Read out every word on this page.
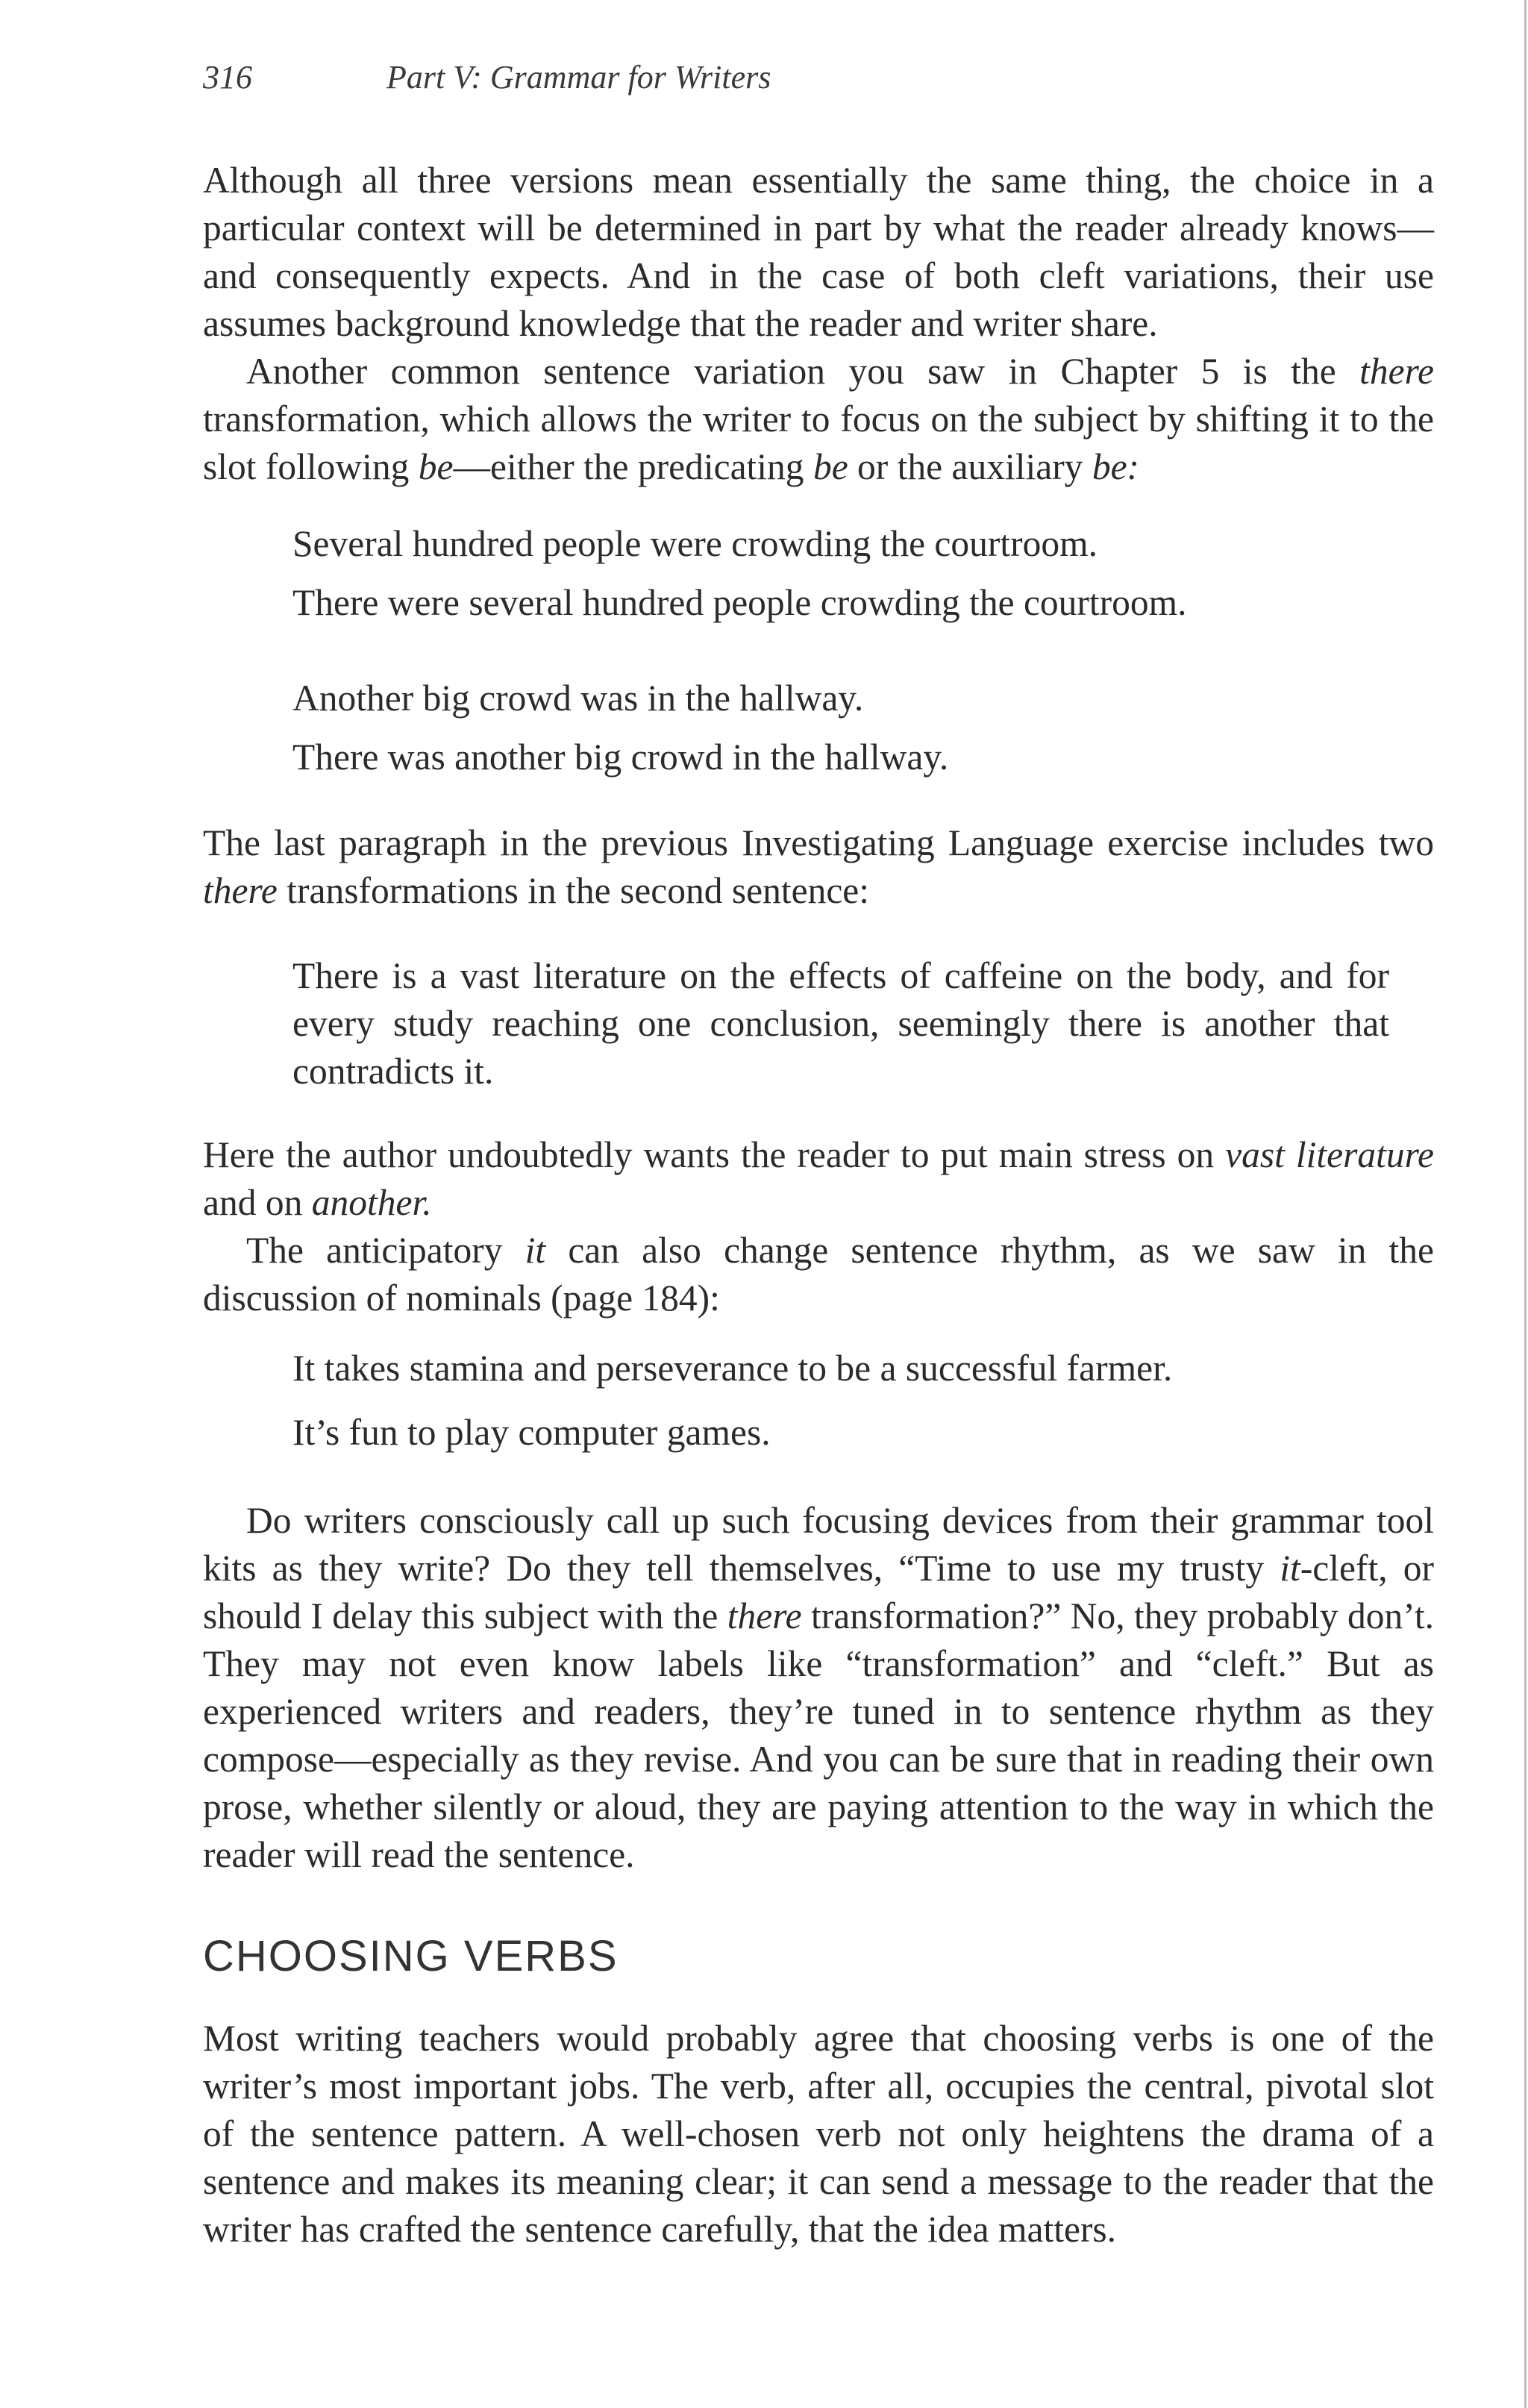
316	Part V: Grammar for Writers

Although all three versions mean essentially the same thing, the choice in a particular context will be determined in part by what the reader already knows—and consequently expects. And in the case of both cleft variations, their use assumes background knowledge that the reader and writer share.

Another common sentence variation you saw in Chapter 5 is the there transformation, which allows the writer to focus on the subject by shifting it to the slot following be—either the predicating be or the auxiliary be:

Several hundred people were crowding the courtroom.
There were several hundred people crowding the courtroom.
Another big crowd was in the hallway.
There was another big crowd in the hallway.

The last paragraph in the previous Investigating Language exercise includes two there transformations in the second sentence:

There is a vast literature on the effects of caffeine on the body, and for every study reaching one conclusion, seemingly there is another that contradicts it.

Here the author undoubtedly wants the reader to put main stress on vast literature and on another.

The anticipatory it can also change sentence rhythm, as we saw in the discussion of nominals (page 184):

It takes stamina and perseverance to be a successful farmer.
It’s fun to play computer games.

Do writers consciously call up such focusing devices from their grammar tool kits as they write? Do they tell themselves, “Time to use my trusty it-cleft, or should I delay this subject with the there transformation?” No, they probably don’t. They may not even know labels like “transformation” and “cleft.” But as experienced writers and readers, they’re tuned in to sentence rhythm as they compose—especially as they revise. And you can be sure that in reading their own prose, whether silently or aloud, they are paying attention to the way in which the reader will read the sentence.

CHOOSING VERBS

Most writing teachers would probably agree that choosing verbs is one of the writer’s most important jobs. The verb, after all, occupies the central, pivotal slot of the sentence pattern. A well-chosen verb not only heightens the drama of a sentence and makes its meaning clear; it can send a message to the reader that the writer has crafted the sentence carefully, that the idea matters.
